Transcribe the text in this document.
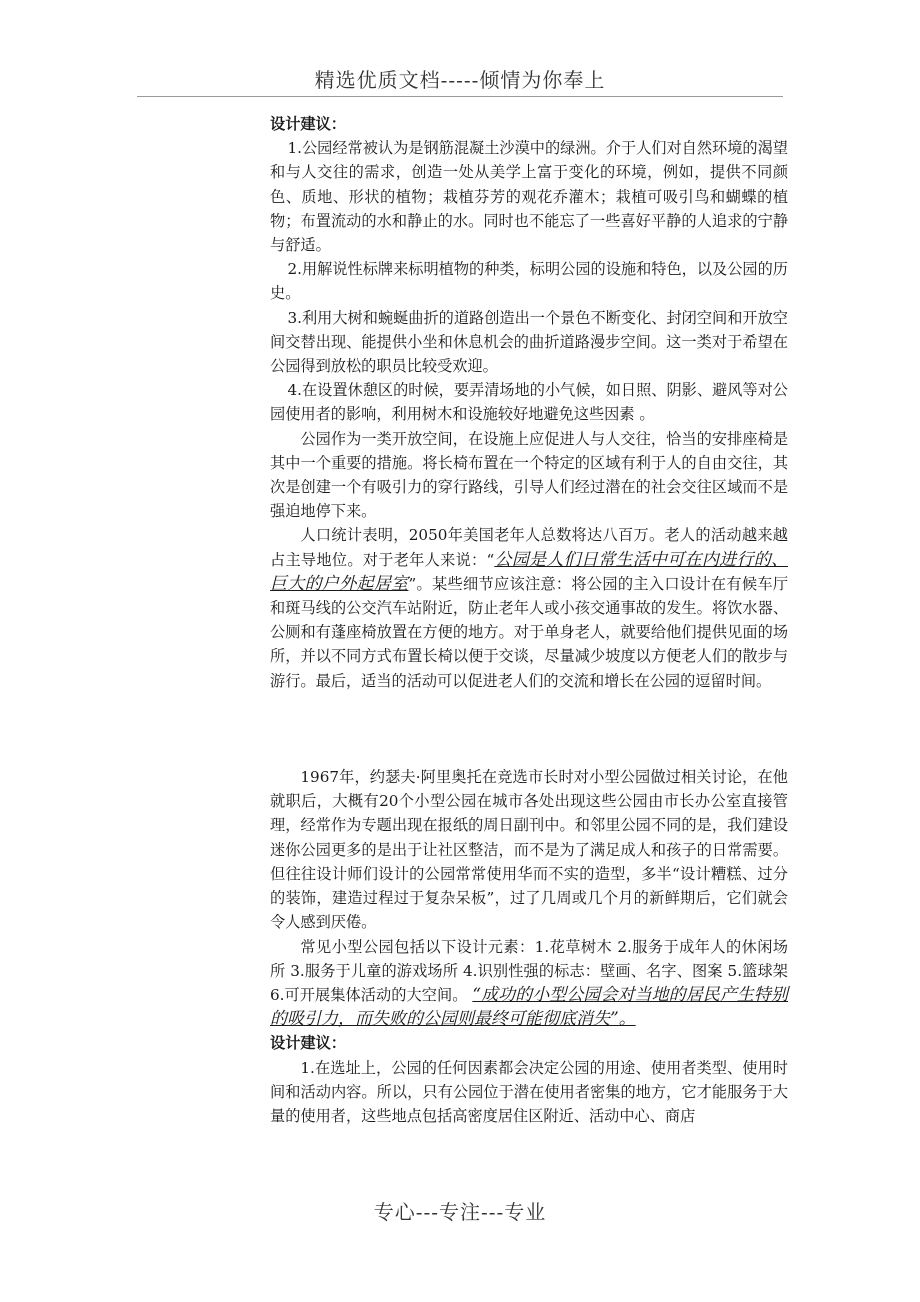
精选优质文档-----倾情为你奉上

设计建议：

1.公园经常被认为是钢筋混凝土沙漠中的绿洲。介于人们对自然环境的渴望和与人交往的需求，创造一处从美学上富于变化的环境，例如，提供不同颜色、质地、形状的植物；栽植芬芳的观花乔灌木；栽植可吸引鸟和蝴蝶的植物；布置流动的水和静止的水。同时也不能忘了一些喜好平静的人追求的宁静与舒适。

2.用解说性标牌来标明植物的种类，标明公园的设施和特色，以及公园的历史。

3.利用大树和蜿蜒曲折的道路创造出一个景色不断变化、封闭空间和开放空间交替出现、能提供小坐和休息机会的曲折道路漫步空间。这一类对于希望在公园得到放松的职员比较受欢迎。

4.在设置休憩区的时候，要弄清场地的小气候，如日照、阴影、避风等对公园使用者的影响，利用树木和设施较好地避免这些因素 。

公园作为一类开放空间，在设施上应促进人与人交往，恰当的安排座椅是其中一个重要的措施。将长椅布置在一个特定的区域有利于人的自由交往，其次是创建一个有吸引力的穿行路线，引导人们经过潜在的社会交往区域而不是强迫地停下来。

人口统计表明，2050年美国老年人总数将达八百万。老人的活动越来越占主导地位。对于老年人来说：“公园是人们日常生活中可在内进行的、巨大的户外起居室”。某些细节应该注意：将公园的主入口设计在有候车厅和斑马线的公交汽车站附近，防止老年人或小孩交通事故的发生。将饮水器、公厕和有蓬座椅放置在方便的地方。对于单身老人，就要给他们提供见面的场所，并以不同方式布置长椅以便于交谈，尽量减少坡度以方便老人们的散步与游行。最后，适当的活动可以促进老人们的交流和增长在公园的逗留时间。

1967年，约瑟夫·阿里奥托在竞选市长时对小型公园做过相关讨论，在他就职后，大概有20个小型公园在城市各处出现这些公园由市长办公室直接管理，经常作为专题出现在报纸的周日副刊中。和邻里公园不同的是，我们建设迷你公园更多的是出于让社区整洁，而不是为了满足成人和孩子的日常需要。但往往设计师们设计的公园常常使用华而不实的造型，多半“设计糟糕、过分的装饰，建造过程过于复杂呆板”，过了几周或几个月的新鲜期后，它们就会令人感到厌倦。

常见小型公园包括以下设计元素：1.花草树木 2.服务于成年人的休闲场所 3.服务于儿童的游戏场所 4.识别性强的标志：壁画、名字、图案 5.篮球架 6.可开展集体活动的大空间。 “成功的小型公园会对当地的居民产生特别的吸引力，而失败的公园则最终可能彻底消失”。

设计建议：

1.在选址上，公园的任何因素都会决定公园的用途、使用者类型、使用时间和活动内容。所以，只有公园位于潜在使用者密集的地方，它才能服务于大量的使用者，这些地点包括高密度居住区附近、活动中心、商店

专心---专注---专业
